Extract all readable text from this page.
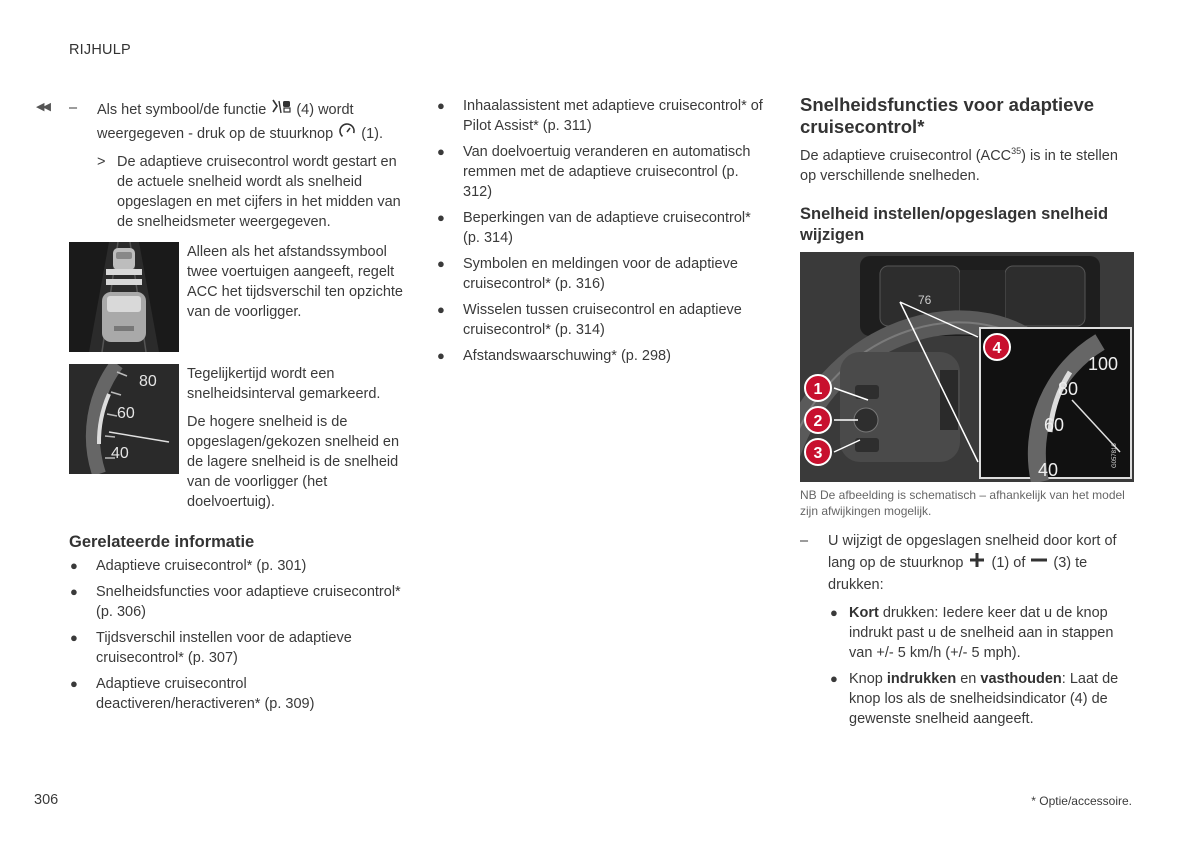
RIJHULP
◀◀ – Als het symbool/de functie (4) wordt weergegeven - druk op de stuurknop (1).
> De adaptieve cruisecontrol wordt gestart en de actuele snelheid wordt als snelheid opgeslagen en met cijfers in het midden van de snelheidsmeter weergegeven.
Alleen als het afstandssymbool twee voertuigen aangeeft, regelt ACC het tijdsverschil ten opzichte van de voorligger.
80
60
40

Tegelijkertijd wordt een snelheidsinterval gemarkeerd.

De hogere snelheid is de opgeslagen/gekozen snelheid en de lagere snelheid is de snelheid van de voorligger (het doelvoertuig).

Gerelateerde informatie
● Adaptieve cruisecontrol* (p. 301)
● Snelheidsfuncties voor adaptieve cruisecontrol* (p. 306)
● Tijdsverschil instellen voor de adaptieve cruisecontrol* (p. 307)
● Adaptieve cruisecontrol deactiveren/heractiveren* (p. 309)
● Inhaalassistent met adaptieve cruisecontrol* of Pilot Assist* (p. 311)
● Van doelvoertuig veranderen en automatisch remmen met de adaptieve cruisecontrol (p. 312)
● Beperkingen van de adaptieve cruisecontrol* (p. 314)
● Symbolen en meldingen voor de adaptieve cruisecontrol* (p. 316)
● Wisselen tussen cruisecontrol en adaptieve cruisecontrol* (p. 314)
● Afstandswaarschuwing* (p. 298)
Snelheidsfuncties voor adaptieve cruisecontrol*
De adaptieve cruisecontrol (ACC$^{35}$) is in te stellen op verschillende snelheden.
Snelheid instellen/opgeslagen snelheid wijzigen
76
100
80
60
40
G057816
1
2
3
4
NB De afbeelding is schematisch – afhankelijk van het model zijn afwijkingen mogelijk.
– U wijzigt de opgeslagen snelheid door kort of lang op de stuurknop (1) of (3) te drukken:
● Kort drukken: Iedere keer dat u de knop indrukt past u de snelheid aan in stappen van +/- 5 km/h (+/- 5 mph).
● Knop indrukken en vasthouden: Laat de knop los als de snelheidsindicator (4) de gewenste snelheid aangeeft.
306	* Optie/accessoire.
